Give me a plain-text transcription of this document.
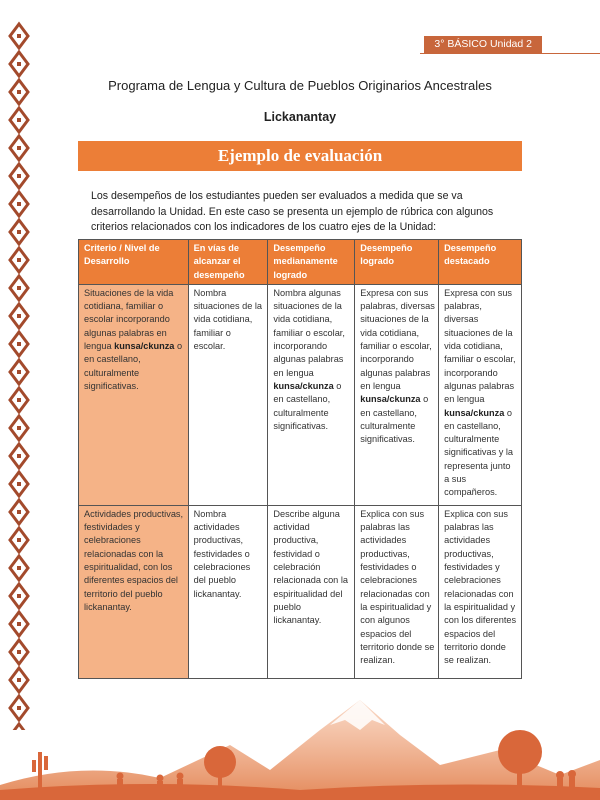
3° BÁSICO Unidad 2
Programa de Lengua y Cultura de Pueblos Originarios Ancestrales
Lickanantay
Ejemplo de evaluación
Los desempeños de los estudiantes pueden ser evaluados a medida que se va desarrollando la Unidad. En este caso se presenta un ejemplo de rúbrica con algunos criterios relacionados con los indicadores de los cuatro ejes de la Unidad:
Criterio / Nivel de Desarrollo	En vías de alcanzar el desempeño	Desempeño medianamente logrado	Desempeño logrado	Desempeño destacado
Situaciones de la vida cotidiana, familiar o escolar incorporando algunas palabras en lengua kunsa/ckunza o en castellano, culturalmente significativas.	Nombra situaciones de la vida cotidiana, familiar o escolar.	Nombra algunas situaciones de la vida cotidiana, familiar o escolar, incorporando algunas palabras en lengua kunsa/ckunza o en castellano, culturalmente significativas.	Expresa con sus palabras, diversas situaciones de la vida cotidiana, familiar o escolar, incorporando algunas palabras en lengua kunsa/ckunza o en castellano, culturalmente significativas.	Expresa con sus palabras, diversas situaciones de la vida cotidiana, familiar o escolar, incorporando algunas palabras en lengua kunsa/ckunza o en castellano, culturalmente significativas y la representa junto a sus compañeros.
Actividades productivas, festividades y celebraciones relacionadas con la espiritualidad, con los diferentes espacios del territorio del pueblo lickanantay.	Nombra actividades productivas, festividades o celebraciones del pueblo lickanantay.	Describe alguna actividad productiva, festividad o celebración relacionada con la espiritualidad del pueblo lickanantay.	Explica con sus palabras las actividades productivas, festividades o celebraciones relacionadas con la espiritualidad y con algunos espacios del territorio donde se realizan.	Explica con sus palabras las actividades productivas, festividades y celebraciones relacionadas con la espiritualidad y con los diferentes espacios del territorio donde se realizan.
